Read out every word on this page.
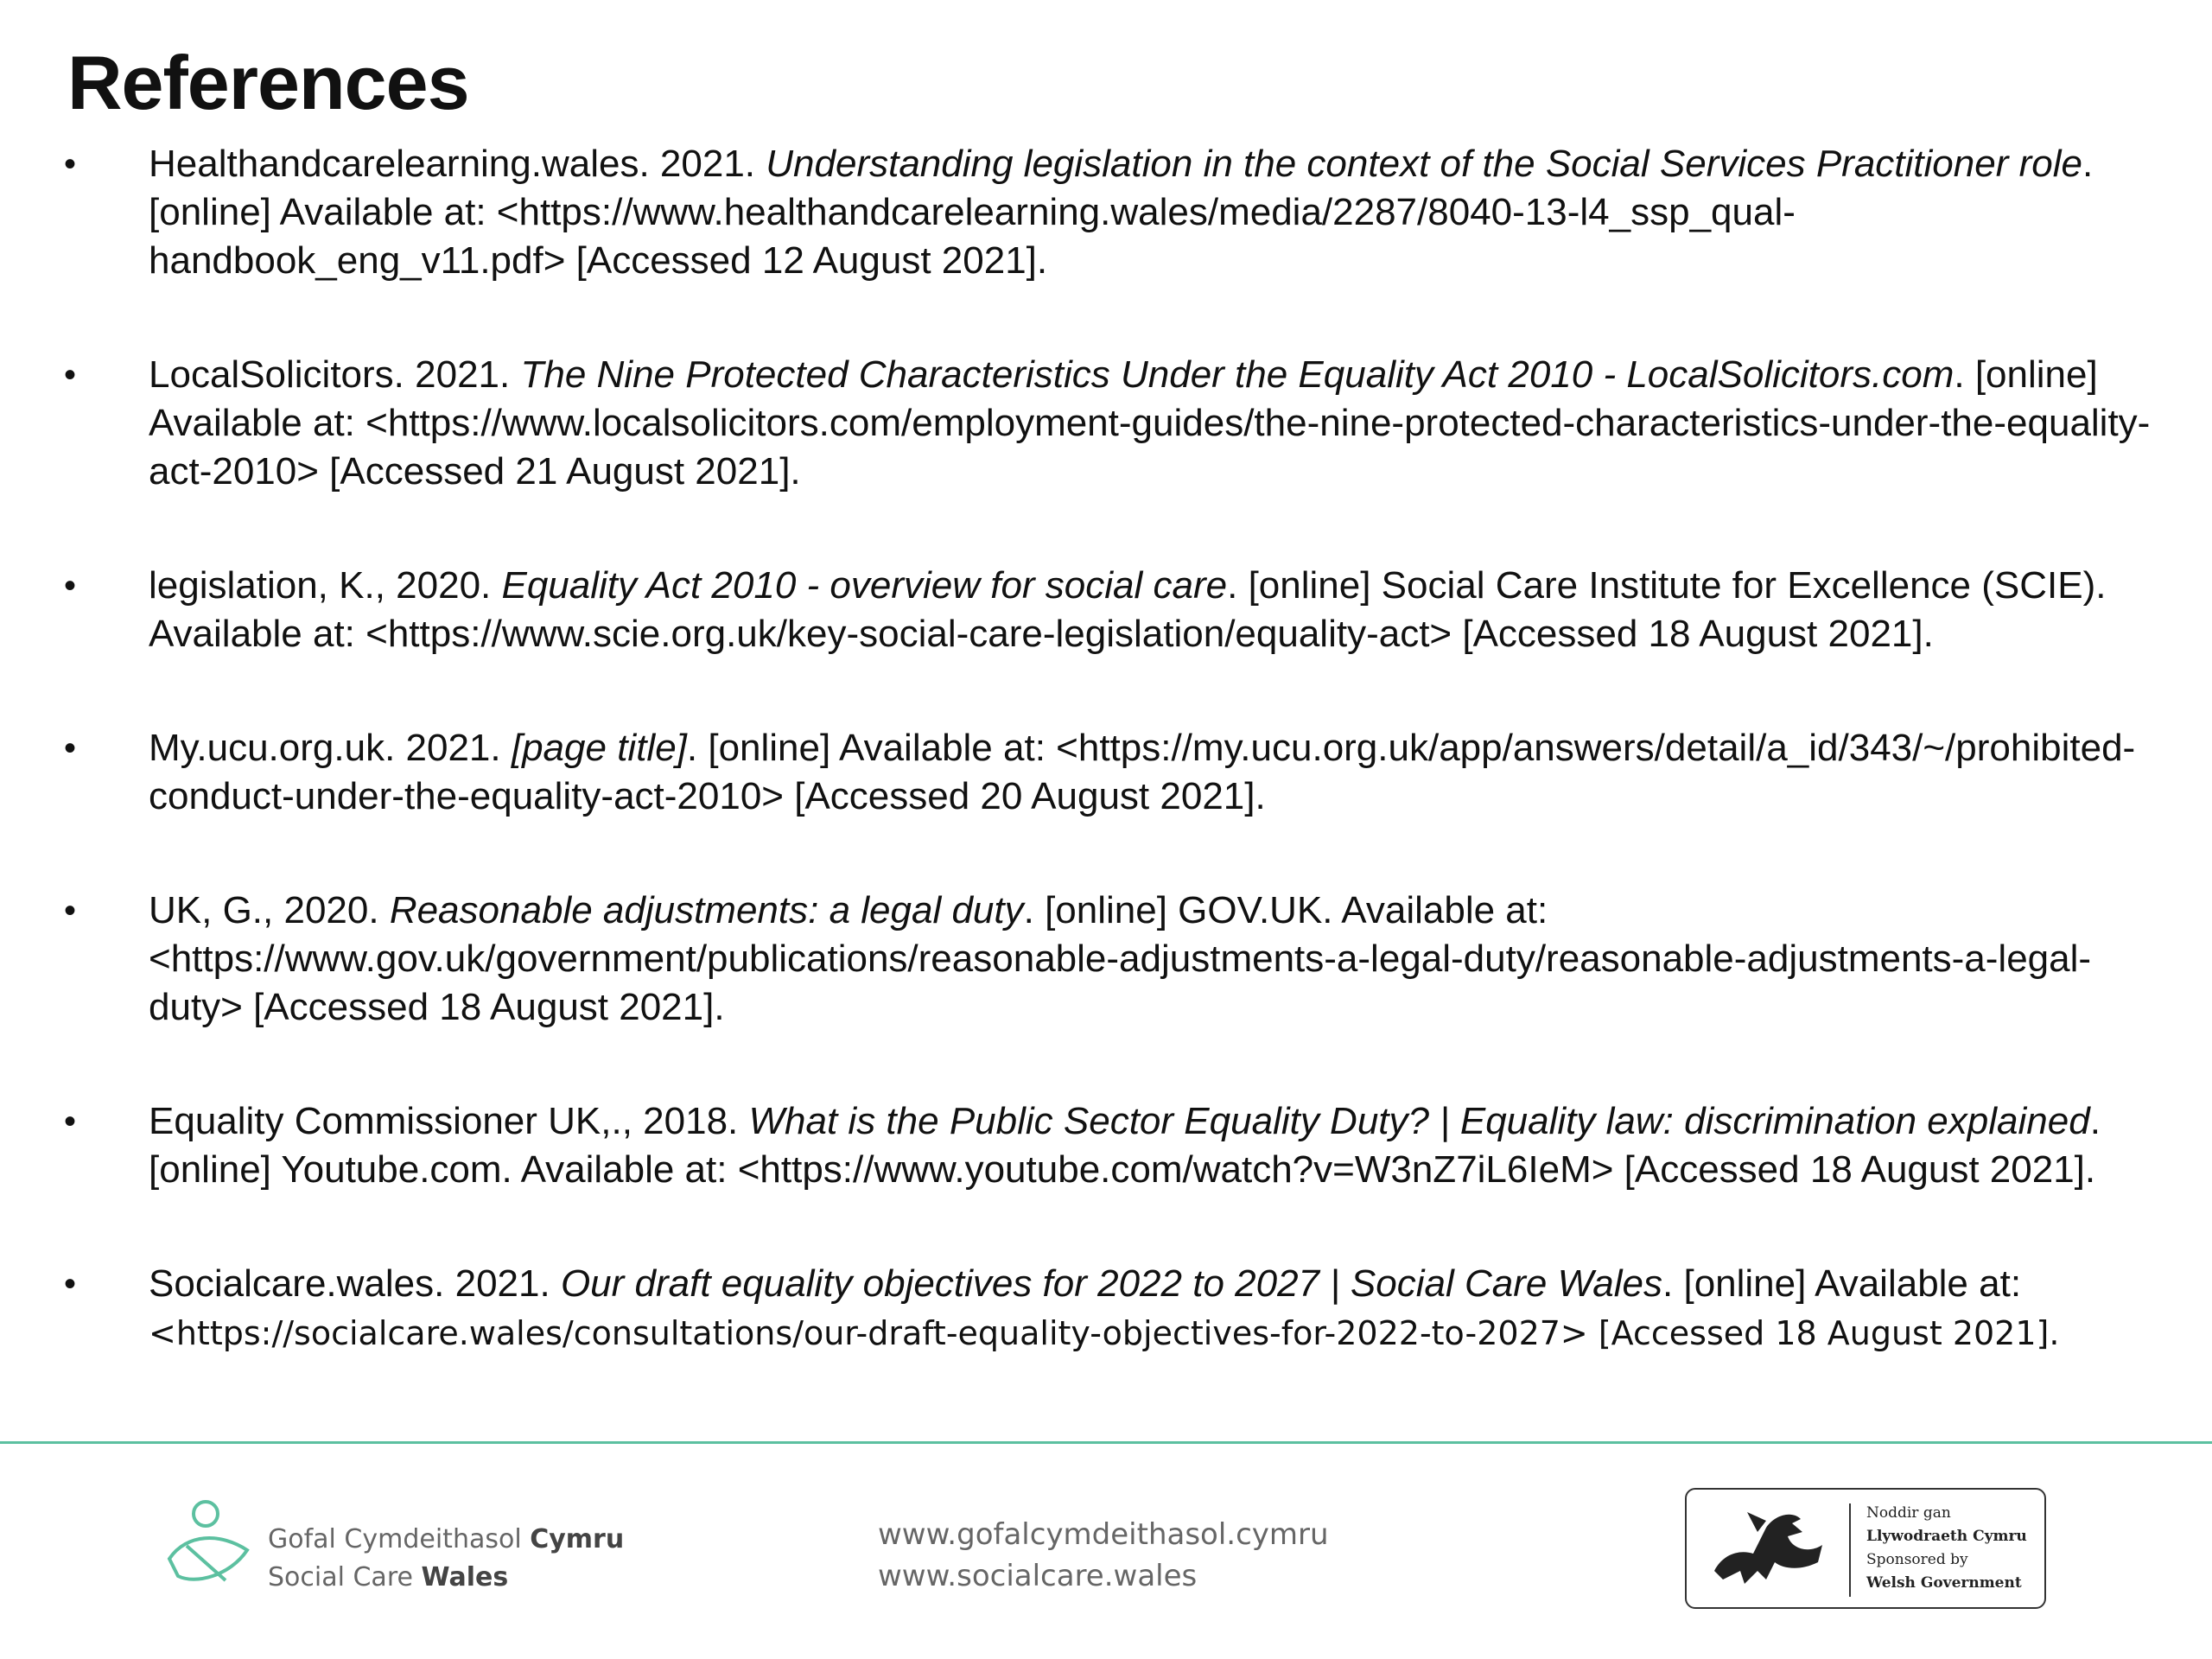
References
• Healthandcarelearning.wales. 2021. Understanding legislation in the context of the Social Services Practitioner role. [online] Available at: <https://www.healthandcarelearning.wales/media/2287/8040-13-l4_ssp_qual-handbook_eng_v11.pdf> [Accessed 12 August 2021].
• LocalSolicitors. 2021. The Nine Protected Characteristics Under the Equality Act 2010 - LocalSolicitors.com. [online] Available at: <https://www.localsolicitors.com/employment-guides/the-nine-protected-characteristics-under-the-equality-act-2010> [Accessed 21 August 2021].
• legislation, K., 2020. Equality Act 2010 - overview for social care. [online] Social Care Institute for Excellence (SCIE). Available at: <https://www.scie.org.uk/key-social-care-legislation/equality-act> [Accessed 18 August 2021].
• My.ucu.org.uk. 2021. [page title]. [online] Available at: <https://my.ucu.org.uk/app/answers/detail/a_id/343/~/prohibited-conduct-under-the-equality-act-2010> [Accessed 20 August 2021].
• UK, G., 2020. Reasonable adjustments: a legal duty. [online] GOV.UK. Available at: <https://www.gov.uk/government/publications/reasonable-adjustments-a-legal-duty/reasonable-adjustments-a-legal-duty> [Accessed 18 August 2021].
• Equality Commissioner UK,., 2018. What is the Public Sector Equality Duty? | Equality law: discrimination explained. [online] Youtube.com. Available at: <https://www.youtube.com/watch?v=W3nZ7iL6IeM> [Accessed 18 August 2021].
• Socialcare.wales. 2021. Our draft equality objectives for 2022 to 2027 | Social Care Wales. [online] Available at:
<https://socialcare.wales/consultations/our-draft-equality-objectives-for-2022-to-2027> [Accessed 18 August 2021].
Gofal Cymdeithasol Cymru
Social Care Wales
www.gofalcymdeithasol.cymru
www.socialcare.wales
Noddir gan
Llywodraeth Cymru
Sponsored by
Welsh Government
